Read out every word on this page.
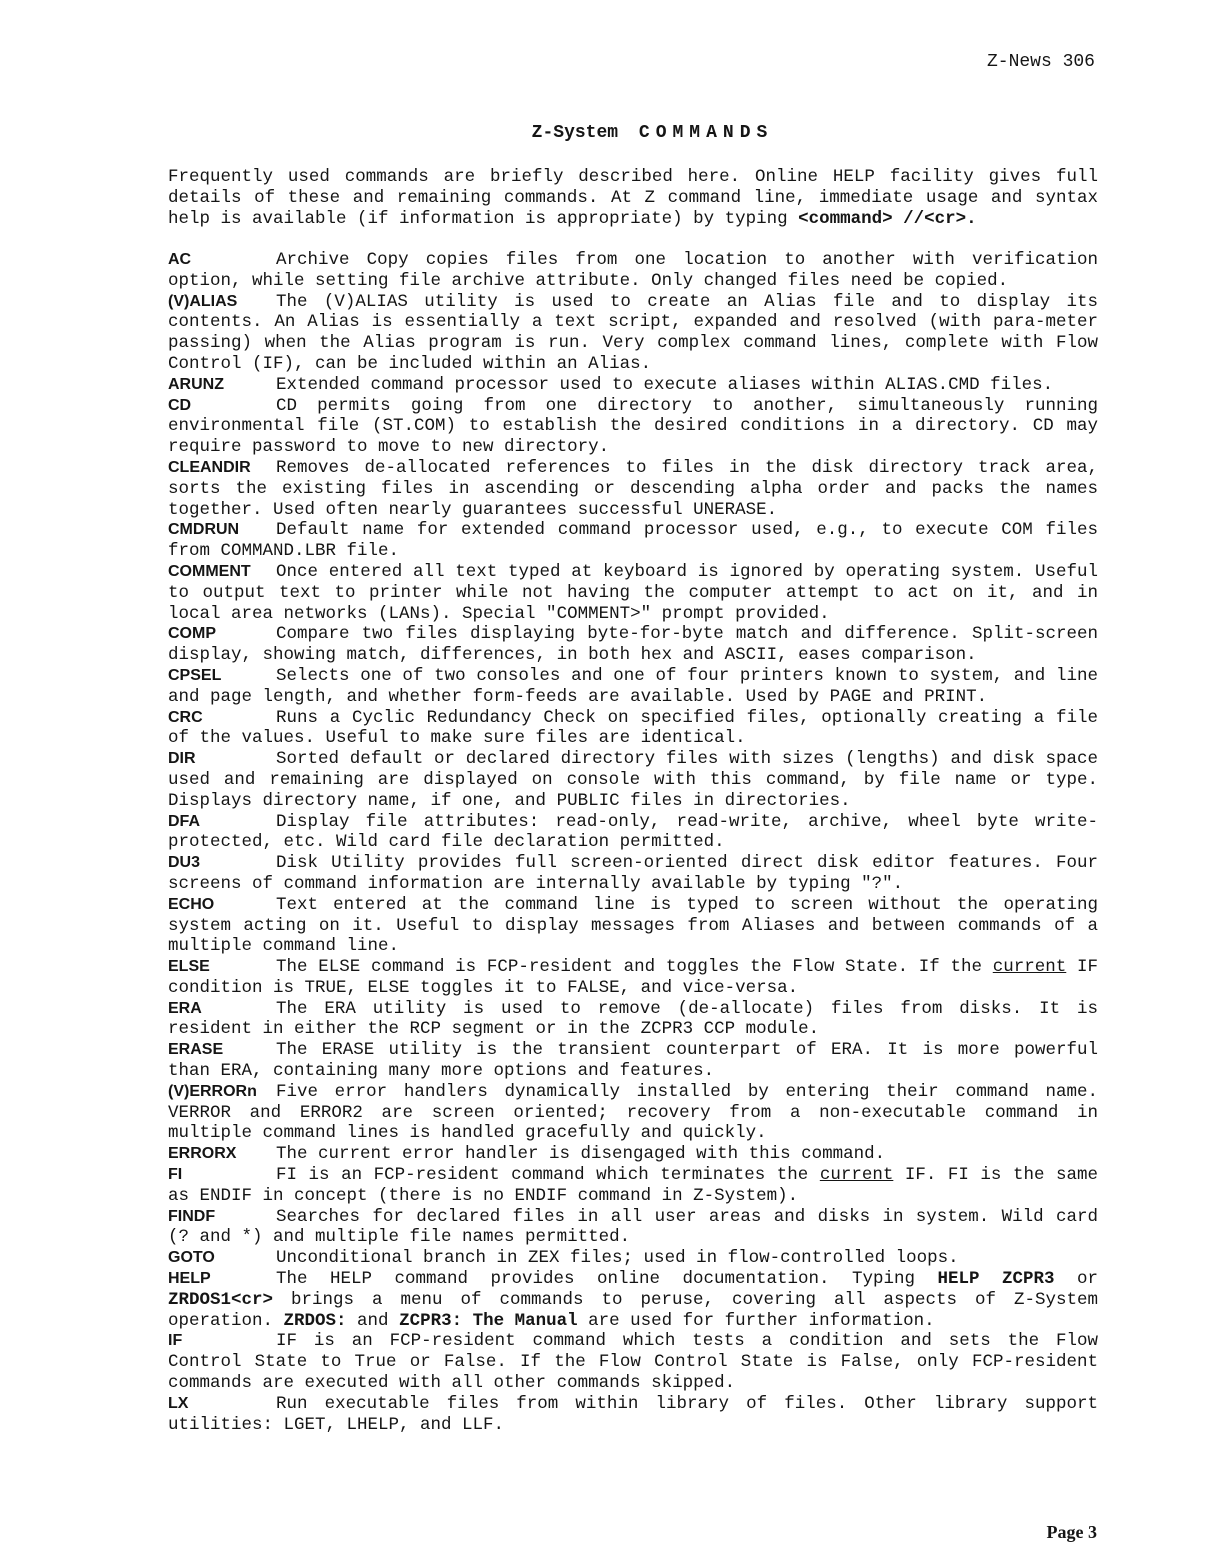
Z-News 306
Z-System COMMANDS
Frequently used commands are briefly described here. Online HELP facility gives full details of these and remaining commands. At Z command line, immediate usage and syntax help is available (if information is appropriate) by typing <command> //<cr>.

AC	Archive Copy copies files from one location to another with verification option, while setting file archive attribute. Only changed files need be copied.

(V)ALIAS The (V)ALIAS utility is used to create an Alias file and to display its contents. An Alias is essentially a text script, expanded and resolved (with para-meter passing) when the Alias program is run. Very complex command lines, complete with Flow Control (IF), can be included within an Alias.

ARUNZ	Extended command processor used to execute aliases within ALIAS.CMD files.

CD	CD permits going from one directory to another, simultaneously running environmental file (ST.COM) to establish the desired conditions in a directory. CD may require password to move to new directory.

CLEANDIR Removes de-allocated references to files in the disk directory track area, sorts the existing files in ascending or descending alpha order and packs the names together. Used often nearly guarantees successful UNERASE.

CMDRUN Default name for extended command processor used, e.g., to execute COM files from COMMAND.LBR file.

COMMENT Once entered all text typed at keyboard is ignored by operating system. Useful to output text to printer while not having the computer attempt to act on it, and in local area networks (LANs). Special "COMMENT>" prompt provided.

COMP	Compare two files displaying byte-for-byte match and difference. Split-screen display, showing match, differences, in both hex and ASCII, eases comparison.

CPSEL	Selects one of two consoles and one of four printers known to system, and line and page length, and whether form-feeds are available. Used by PAGE and PRINT.

CRC	Runs a Cyclic Redundancy Check on specified files, optionally creating a file of the values. Useful to make sure files are identical.

DIR	Sorted default or declared directory files with sizes (lengths) and disk space used and remaining are displayed on console with this command, by file name or type. Displays directory name, if one, and PUBLIC files in directories.

DFA	Display file attributes: read-only, read-write, archive, wheel byte write-protected, etc. Wild card file declaration permitted.

DU3	Disk Utility provides full screen-oriented direct disk editor features. Four screens of command information are internally available by typing "?".

ECHO	Text entered at the command line is typed to screen without the operating system acting on it. Useful to display messages from Aliases and between commands of a multiple command line.

ELSE	The ELSE command is FCP-resident and toggles the Flow State. If the current IF condition is TRUE, ELSE toggles it to FALSE, and vice-versa.

ERA	The ERA utility is used to remove (de-allocate) files from disks. It is resident in either the RCP segment or in the ZCPR3 CCP module.

ERASE	The ERASE utility is the transient counterpart of ERA. It is more powerful than ERA, containing many more options and features.

(V)ERRORn Five error handlers dynamically installed by entering their command name. VERROR and ERROR2 are screen oriented; recovery from a non-executable command in multiple command lines is handled gracefully and quickly.

ERRORX The current error handler is disengaged with this command.

FI	FI is an FCP-resident command which terminates the current IF. FI is the same as ENDIF in concept (there is no ENDIF command in Z-System).

FINDF	Searches for declared files in all user areas and disks in system. Wild card (? and *) and multiple file names permitted.

GOTO	Unconditional branch in ZEX files; used in flow-controlled loops.

HELP	The HELP command provides online documentation. Typing HELP ZCPR3 or ZRDOS1<cr> brings a menu of commands to peruse, covering all aspects of Z-System operation. ZRDOS: and ZCPR3: The Manual are used for further information.

IF	IF is an FCP-resident command which tests a condition and sets the Flow Control State to True or False. If the Flow Control State is False, only FCP-resident commands are executed with all other commands skipped.

LX	Run executable files from within library of files. Other library support utilities: LGET, LHELP, and LLF.

Page 3
